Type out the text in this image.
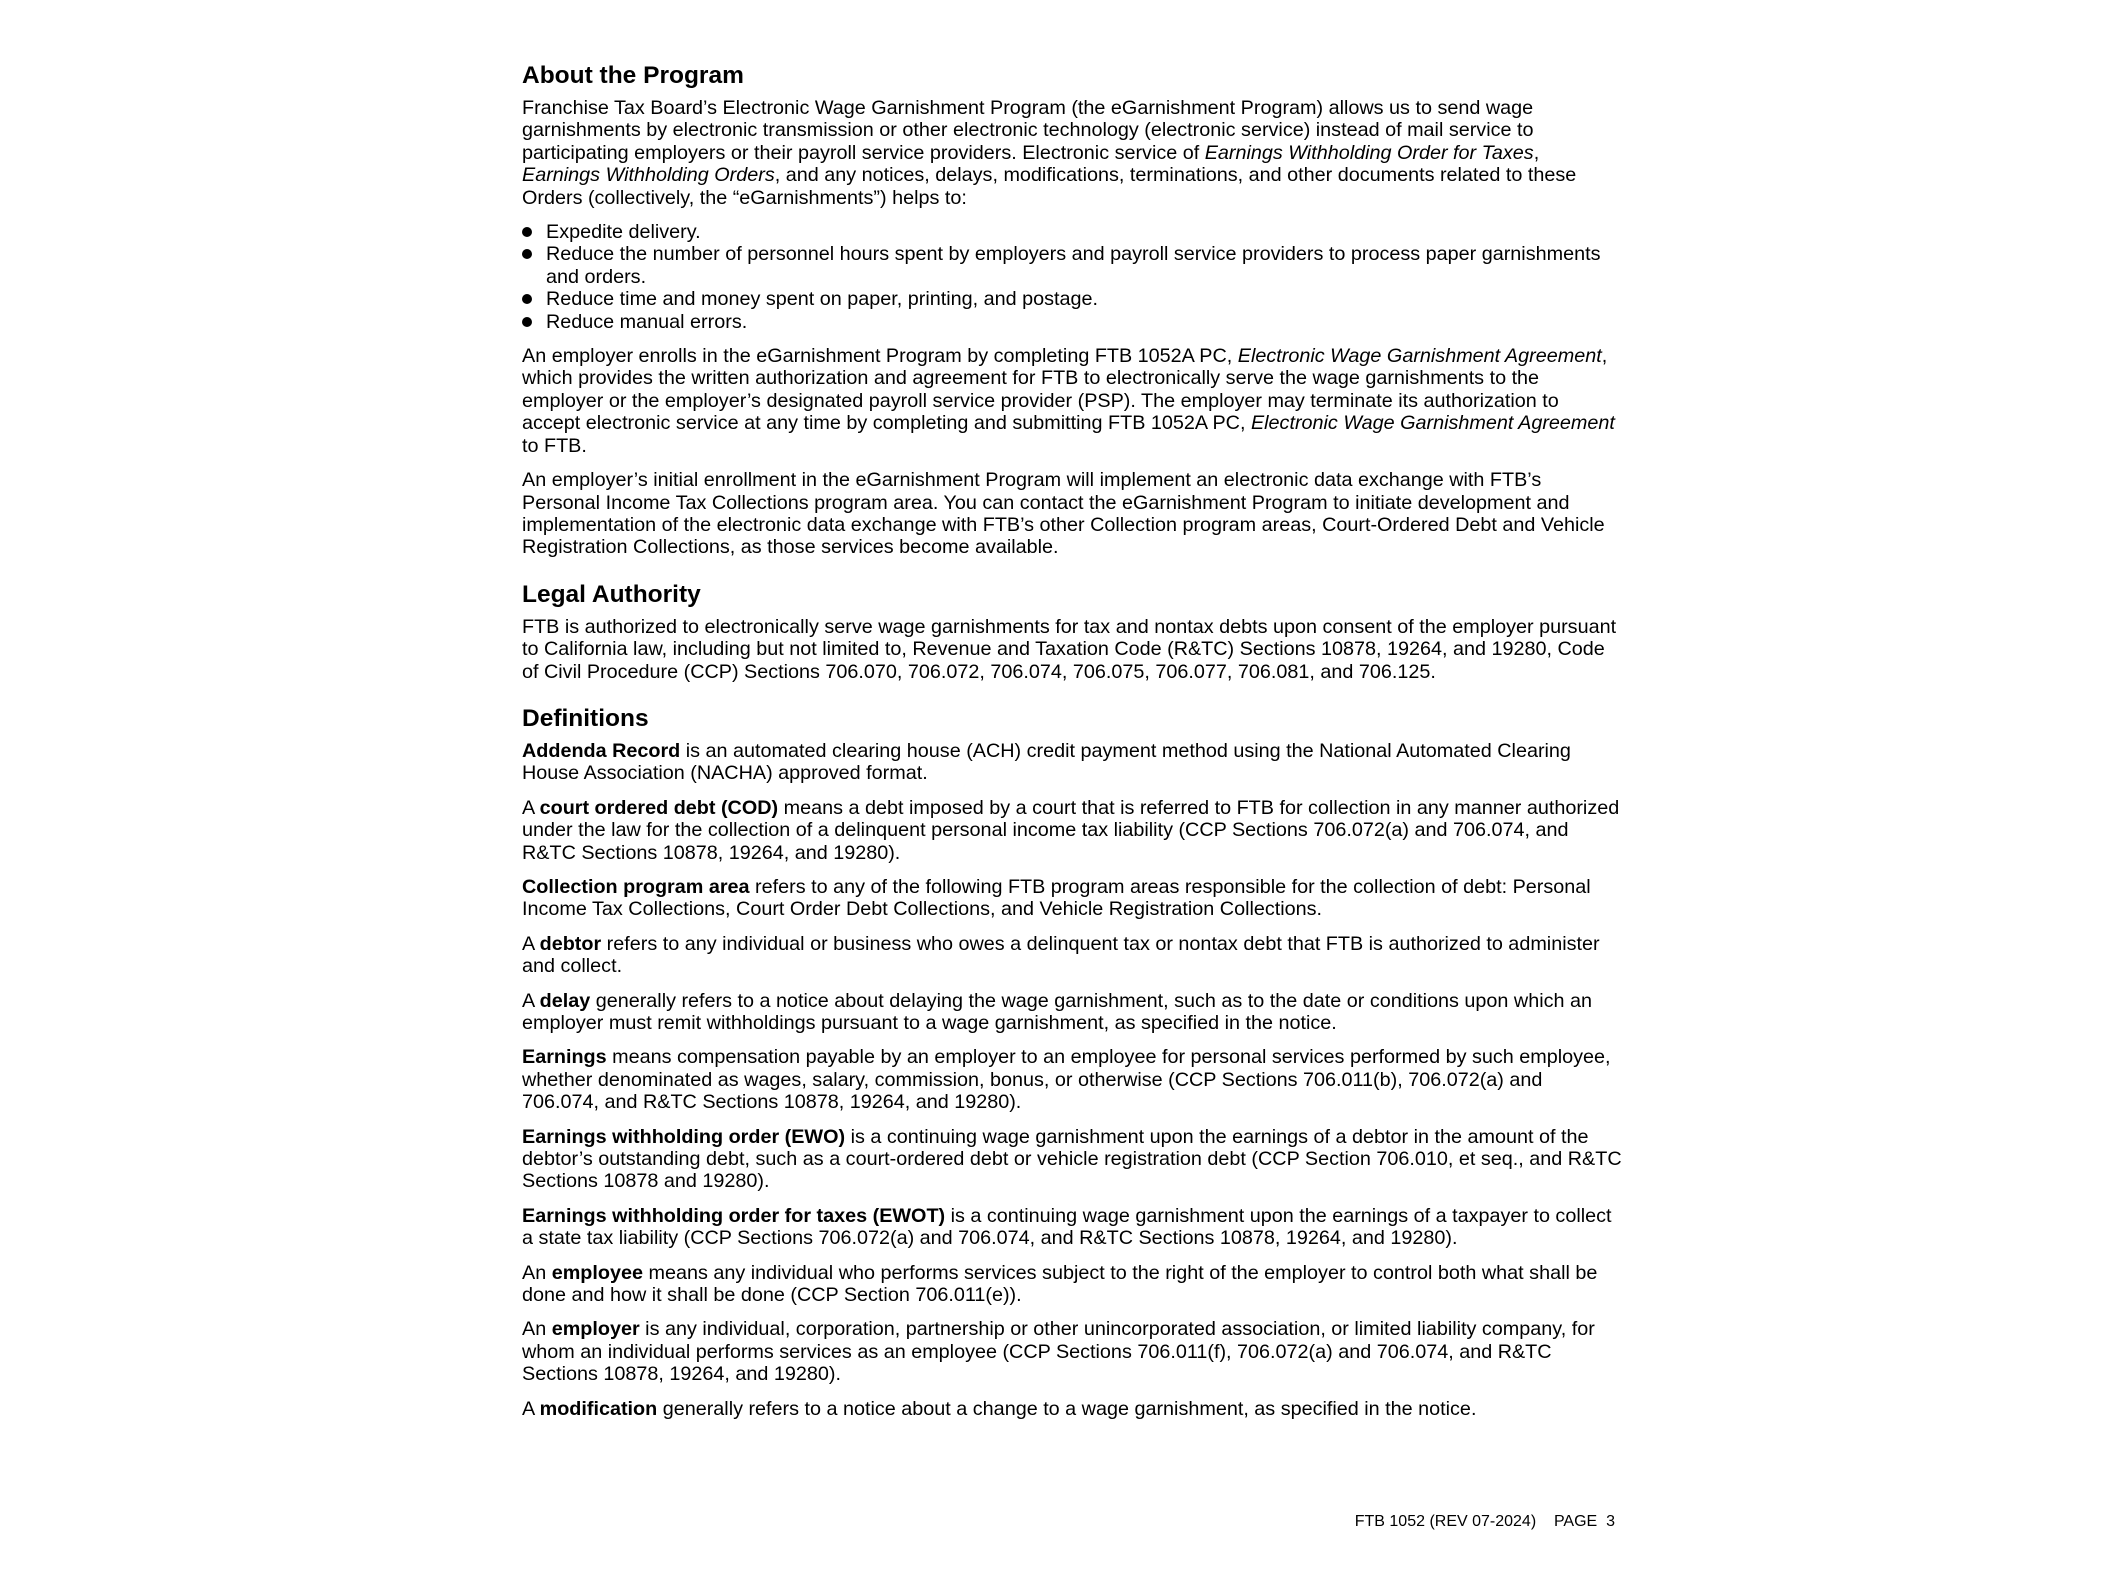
About the Program

Franchise Tax Board’s Electronic Wage Garnishment Program (the eGarnishment Program) allows us to send wage garnishments by electronic transmission or other electronic technology (electronic service) instead of mail service to participating employers or their payroll service providers. Electronic service of Earnings Withholding Order for Taxes, Earnings Withholding Orders, and any notices, delays, modifications, terminations, and other documents related to these Orders (collectively, the “eGarnishments”) helps to:

Expedite delivery.
Reduce the number of personnel hours spent by employers and payroll service providers to process paper garnishments and orders.
Reduce time and money spent on paper, printing, and postage.
Reduce manual errors.

An employer enrolls in the eGarnishment Program by completing FTB 1052A PC, Electronic Wage Garnishment Agreement, which provides the written authorization and agreement for FTB to electronically serve the wage garnishments to the employer or the employer’s designated payroll service provider (PSP). The employer may terminate its authorization to accept electronic service at any time by completing and submitting FTB 1052A PC, Electronic Wage Garnishment Agreement to FTB.

An employer’s initial enrollment in the eGarnishment Program will implement an electronic data exchange with FTB’s Personal Income Tax Collections program area. You can contact the eGarnishment Program to initiate development and implementation of the electronic data exchange with FTB’s other Collection program areas, Court-Ordered Debt and Vehicle Registration Collections, as those services become available.

Legal Authority

FTB is authorized to electronically serve wage garnishments for tax and nontax debts upon consent of the employer pursuant to California law, including but not limited to, Revenue and Taxation Code (R&TC) Sections 10878, 19264, and 19280, Code of Civil Procedure (CCP) Sections 706.070, 706.072, 706.074, 706.075, 706.077, 706.081, and 706.125.

Definitions

Addenda Record is an automated clearing house (ACH) credit payment method using the National Automated Clearing House Association (NACHA) approved format.

A court ordered debt (COD) means a debt imposed by a court that is referred to FTB for collection in any manner authorized under the law for the collection of a delinquent personal income tax liability (CCP Sections 706.072(a) and 706.074, and R&TC Sections 10878, 19264, and 19280).

Collection program area refers to any of the following FTB program areas responsible for the collection of debt: Personal Income Tax Collections, Court Order Debt Collections, and Vehicle Registration Collections.

A debtor refers to any individual or business who owes a delinquent tax or nontax debt that FTB is authorized to administer and collect.

A delay generally refers to a notice about delaying the wage garnishment, such as to the date or conditions upon which an employer must remit withholdings pursuant to a wage garnishment, as specified in the notice.

Earnings means compensation payable by an employer to an employee for personal services performed by such employee, whether denominated as wages, salary, commission, bonus, or otherwise (CCP Sections 706.011(b), 706.072(a) and 706.074, and R&TC Sections 10878, 19264, and 19280).

Earnings withholding order (EWO) is a continuing wage garnishment upon the earnings of a debtor in the amount of the debtor’s outstanding debt, such as a court-ordered debt or vehicle registration debt (CCP Section 706.010, et seq., and R&TC Sections 10878 and 19280).

Earnings withholding order for taxes (EWOT) is a continuing wage garnishment upon the earnings of a taxpayer to collect a state tax liability (CCP Sections 706.072(a) and 706.074, and R&TC Sections 10878, 19264, and 19280).

An employee means any individual who performs services subject to the right of the employer to control both what shall be done and how it shall be done (CCP Section 706.011(e)).

An employer is any individual, corporation, partnership or other unincorporated association, or limited liability company, for whom an individual performs services as an employee (CCP Sections 706.011(f), 706.072(a) and 706.074, and R&TC Sections 10878, 19264, and 19280).

A modification generally refers to a notice about a change to a wage garnishment, as specified in the notice.

FTB 1052 (REV 07-2024) PAGE  3
